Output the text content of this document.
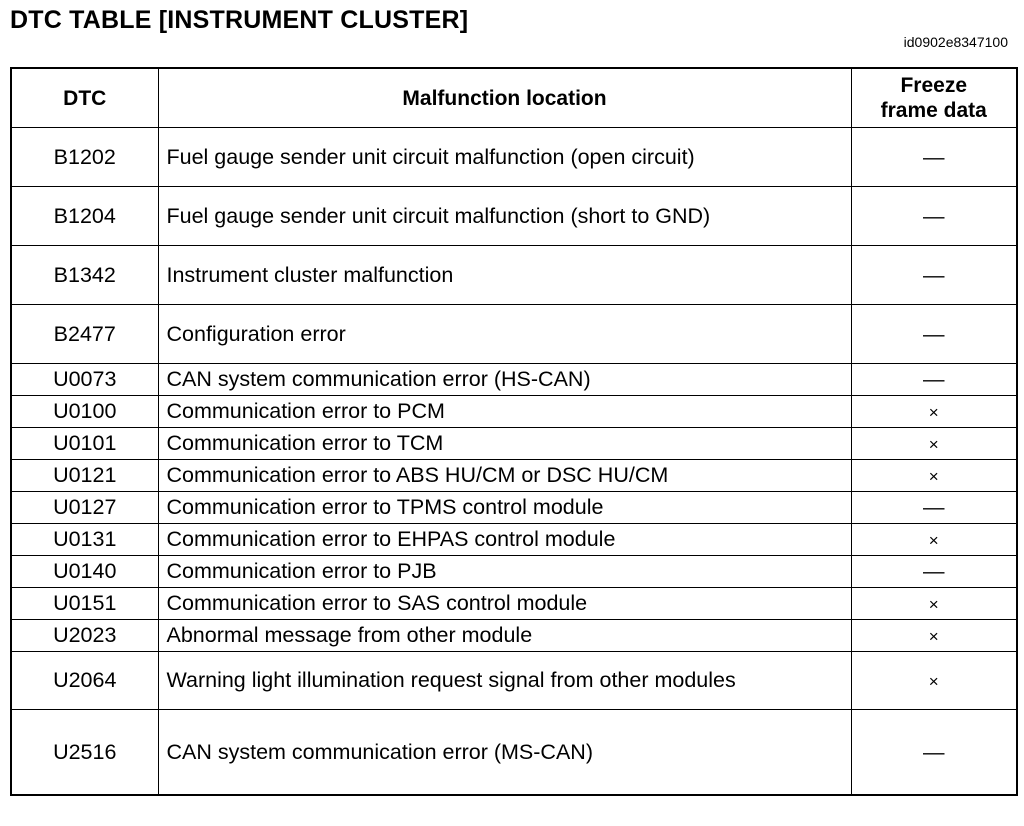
DTC TABLE [INSTRUMENT CLUSTER]
id0902e8347100
DTC	Malfunction location	Freeze
frame data
B1202	Fuel gauge sender unit circuit malfunction (open circuit)	—
B1204	Fuel gauge sender unit circuit malfunction (short to GND)	—
B1342	Instrument cluster malfunction	—
B2477	Configuration error	—
U0073	CAN system communication error (HS-CAN)	—
U0100	Communication error to PCM	×
U0101	Communication error to TCM	×
U0121	Communication error to ABS HU/CM or DSC HU/CM	×
U0127	Communication error to TPMS control module	—
U0131	Communication error to EHPAS control module	×
U0140	Communication error to PJB	—
U0151	Communication error to SAS control module	×
U2023	Abnormal message from other module	×
U2064	Warning light illumination request signal from other modules	×
U2516	CAN system communication error (MS-CAN)	—
